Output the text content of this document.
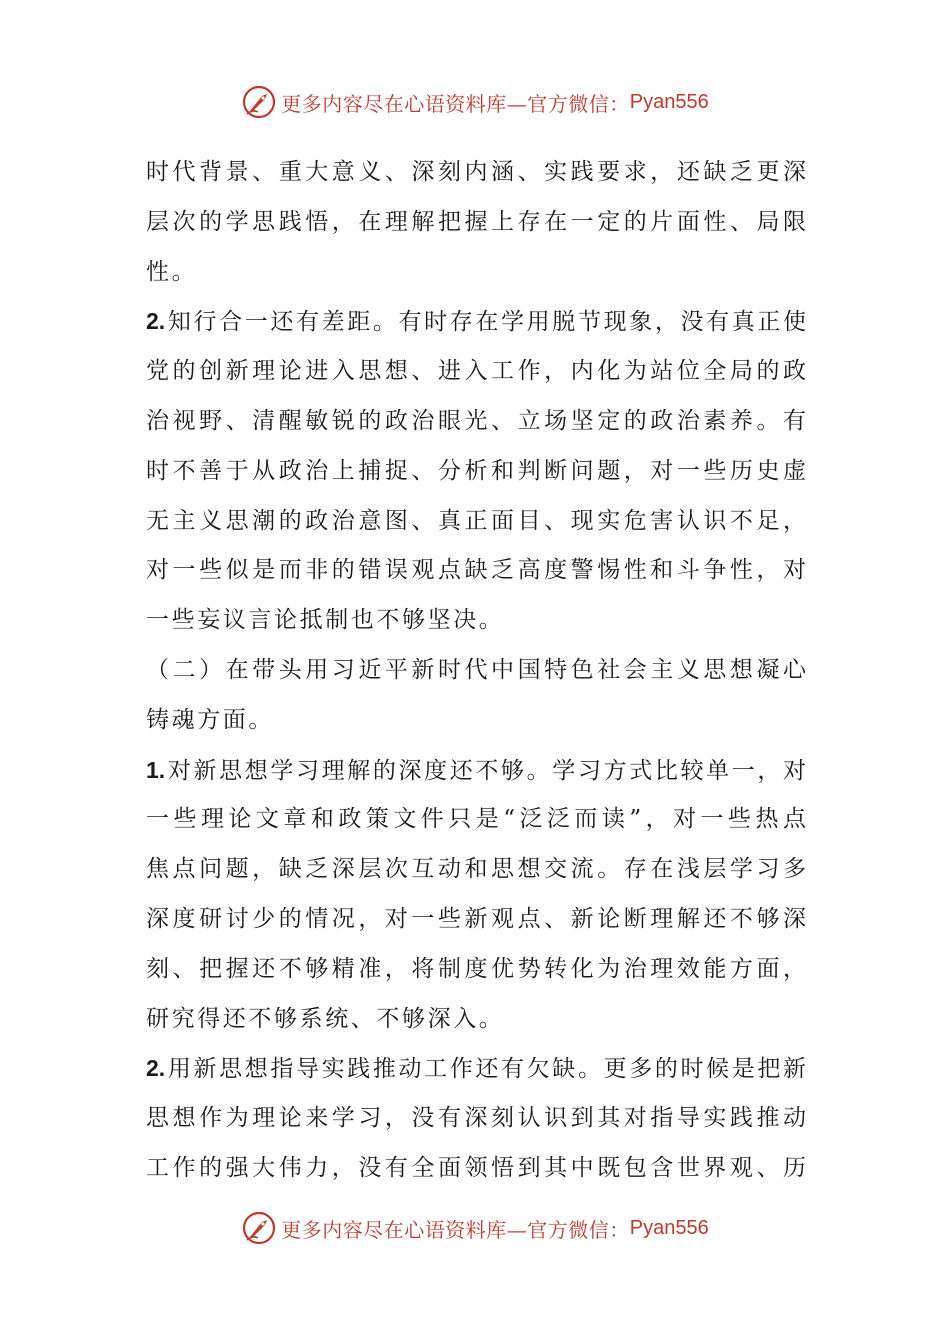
更多内容尽在心语资料库—官方微信： Pyan556
时代背景、重大意义、深刻内涵、实践要求，还缺乏更深
层次的学思践悟，在理解把握上存在一定的片面性、局限
性。
2.知行合一还有差距。有时存在学用脱节现象，没有真正使
党的创新理论进入思想、进入工作，内化为站位全局的政
治视野、清醒敏锐的政治眼光、立场坚定的政治素养。有
时不善于从政治上捕捉、分析和判断问题，对一些历史虚
无主义思潮的政治意图、真正面目、现实危害认识不足，
对一些似是而非的错误观点缺乏高度警惕性和斗争性，对
一些妄议言论抵制也不够坚决。
（二）在带头用习近平新时代中国特色社会主义思想凝心
铸魂方面。
1.对新思想学习理解的深度还不够。学习方式比较单一，对
一些理论文章和政策文件只是“泛泛而读”，对一些热点
焦点问题，缺乏深层次互动和思想交流。存在浅层学习多
深度研讨少的情况，对一些新观点、新论断理解还不够深
刻、把握还不够精准，将制度优势转化为治理效能方面，
研究得还不够系统、不够深入。
2.用新思想指导实践推动工作还有欠缺。更多的时候是把新
思想作为理论来学习，没有深刻认识到其对指导实践推动
工作的强大伟力，没有全面领悟到其中既包含世界观、历
更多内容尽在心语资料库—官方微信： Pyan556
